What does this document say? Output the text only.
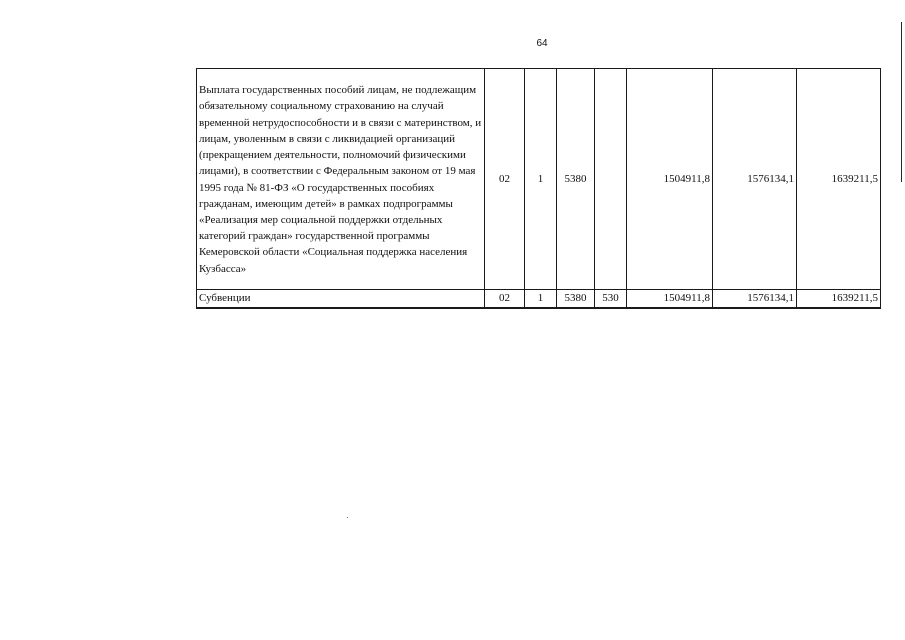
64
Выплата государственных пособий лицам, не подлежащим обязательному социальному страхованию на случай временной нетрудоспособности и в связи с материнством, и лицам, уволенным в связи с ликвидацией организаций (прекращением деятельности, полномочий физическими лицами), в соответствии с Федеральным законом от 19 мая 1995 года № 81-ФЗ «О государственных пособиях гражданам, имеющим детей» в рамках подпрограммы «Реализация мер социальной поддержки отдельных категорий граждан» государственной программы Кемеровской области «Социальная поддержка населения Кузбасса»	02	1	5380		1504911,8	1576134,1	1639211,5
Субвенции	02	1	5380	530	1504911,8	1576134,1	1639211,5
